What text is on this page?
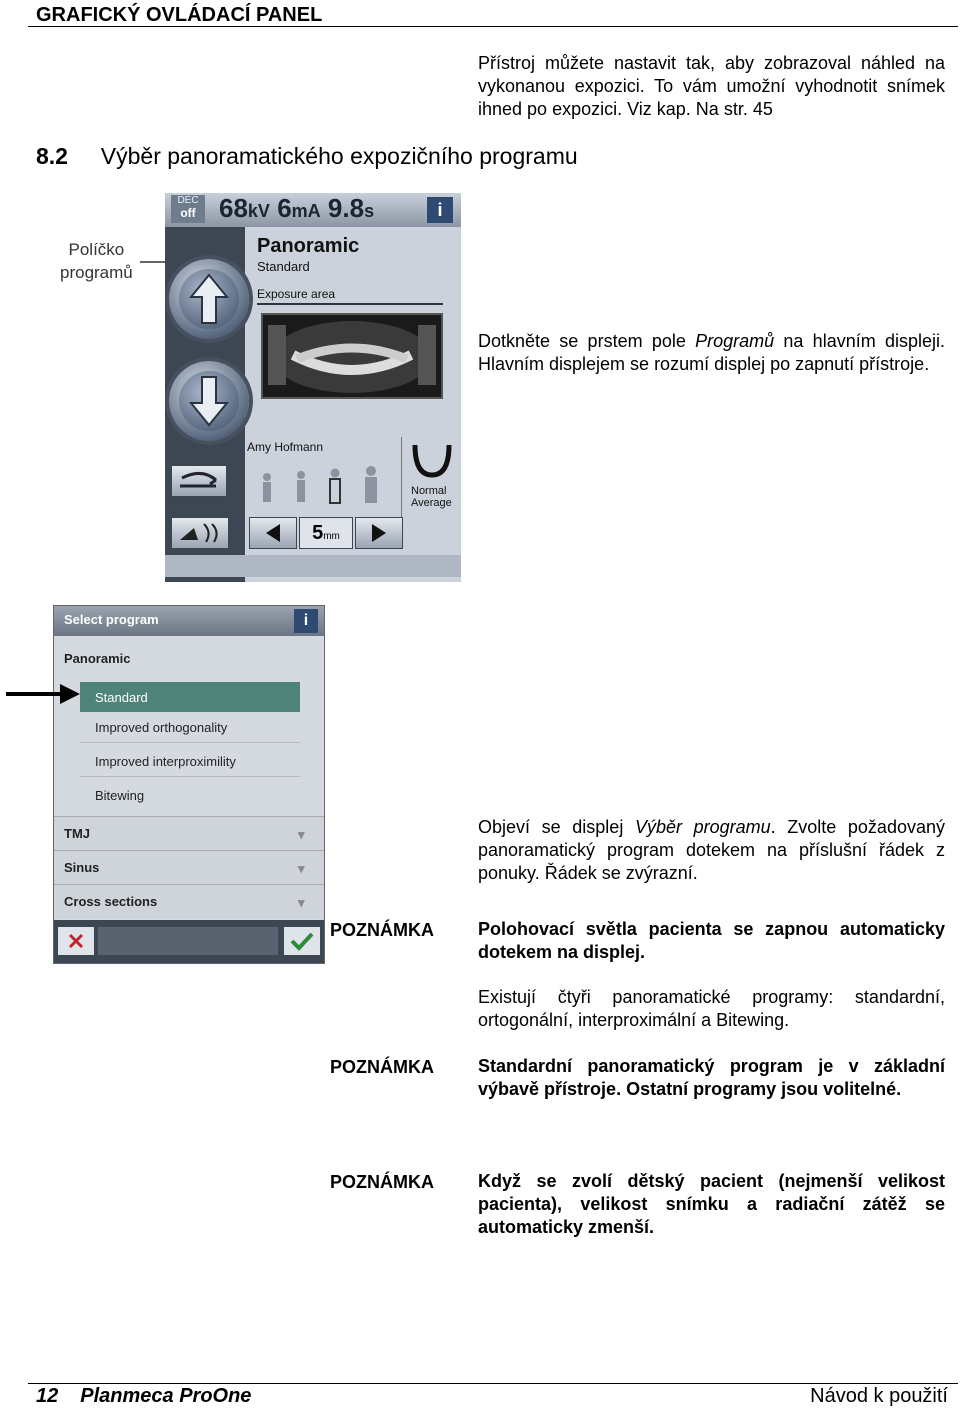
GRAFICKÝ OVLÁDACÍ PANEL
Přístroj můžete nastavit tak, aby zobrazoval náhled na vykonanou expozici. To vám umožní vyhodnotit snímek ihned po expozici. Viz kap. Na str. 45
8.2 Výběr panoramatického expozičního programu
Políčko
programů
DEC
off 68kV 6mA 9.8s	i
Panoramic
Standard
Exposure area
Amy Hofmann
Normal
Average
5mm
Dotkněte se prstem pole Programů na hlavním displeji. Hlavním displejem se rozumí displej po zapnutí přístroje.
Select program	i
Panoramic
Standard
Improved orthogonality
Improved interproximility
Bitewing
TMJ	▾
Sinus	▾
Cross sections	▾
Objeví se displej Výběr programu. Zvolte požadovaný panoramatický program dotekem na příslušní řádek z ponuky. Řádek se zvýrazní.
POZNÁMKA Polohovací světla pacienta se zapnou automaticky dotekem na displej.
Existují čtyři panoramatické programy: standardní, ortogonální, interproximální a Bitewing.
POZNÁMKA Standardní panoramatický program je v základní výbavě přístroje. Ostatní programy jsou volitelné.
POZNÁMKA Když se zvolí dětský pacient (nejmenší velikost pacienta), velikost snímku a radiační zátěž se automaticky zmenší.
12 Planmeca ProOne	Návod k použití
